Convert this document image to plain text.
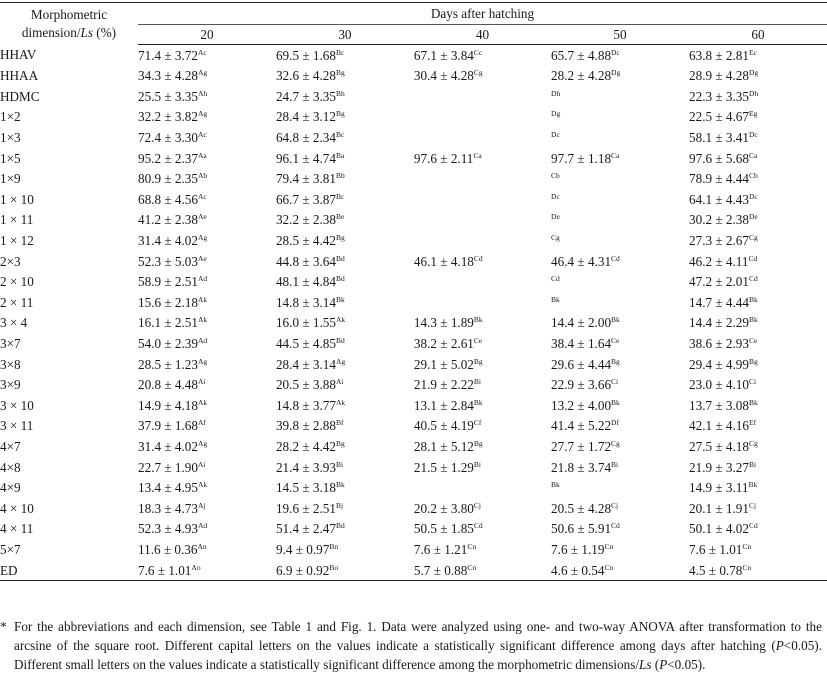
Morphometric
dimension/Ls (%)	Days after hatching				
	20	30	40	50	60
HHAV	$71.4 \pm 3.72^{Ac}$	$69.5 \pm 1.68^{Bc}$	$67.1 \pm 3.84^{Cc}$	$65.7 \pm 4.88^{Dc}$	$63.8 \pm 2.81^{Ec}$
HHAA	$34.3 \pm 4.28^{Ag}$	$32.6 \pm 4.28^{Bg}$	$30.4 \pm 4.28^{Cg}$	$28.2 \pm 4.28^{Dg}$	$28.9 \pm 4.28^{Dg}$
HDMC	$25.5 \pm 3.35^{Ah}$	$24.7 \pm 3.35^{Bh}$		$^{Dh}$	$22.3 \pm 3.35^{Dh}$
1×2	$32.2 \pm 3.82^{Ag}$	$28.4 \pm 3.12^{Bg}$		$^{Dg}$	$22.5 \pm 4.67^{Eg}$
1×3	$72.4 \pm 3.30^{Ac}$	$64.8 \pm 2.34^{Bc}$		$^{Dc}$	$58.1 \pm 3.41^{Dc}$
1×5	$95.2 \pm 2.37^{Aa}$	$96.1 \pm 4.74^{Ba}$	$97.6 \pm 2.11^{Ca}$	$97.7 \pm 1.18^{Ca}$	$97.6 \pm 5.68^{Ca}$
1×9	$80.9 \pm 2.35^{Ab}$	$79.4 \pm 3.81^{Bb}$		$^{Cb}$	$78.9 \pm 4.44^{Cb}$
1 × 10	$68.8 \pm 4.56^{Ac}$	$66.7 \pm 3.87^{Bc}$		$^{Dc}$	$64.1 \pm 4.43^{Dc}$
1 × 11	$41.2 \pm 2.38^{Ae}$	$32.2 \pm 2.38^{Be}$		$^{De}$	30.2 ± 2.38De
1 × 12	$31.4 \pm 4.02^{Ag}$	$28.5 \pm 4.42^{Bg}$		$^{Cg}$	$27.3 \pm 2.67^{Cg}$
2×3	$52.3 \pm 5.03^{Ae}$	$44.8 \pm 3.64^{Bd}$	$46.1 \pm 4.18^{Cd}$	$46.4 \pm 4.31^{Cd}$	$46.2 \pm 4.11^{Cd}$
2 × 10	$58.9 \pm 2.51^{Ad}$	$48.1 \pm 4.84^{Bd}$		$^{Cd}$	$47.2 \pm 2.01^{Cd}$
2 × 11	$15.6 \pm 2.18^{Ak}$	$14.8 \pm 3.14^{Bk}$		$^{Bk}$	$14.7 \pm 4.44^{Bk}$
3 × 4	$16.1 \pm 2.51^{Ak}$	$16.0 \pm 1.55^{Ak}$	$14.3 \pm 1.89^{Bk}$	$14.4 \pm 2.00^{Bk}$	$14.4 \pm 2.29^{Bk}$
3×7	$54.0 \pm 2.39^{Ad}$	$44.5 \pm 4.85^{Bd}$	$38.2 \pm 2.61^{Ce}$	$38.4 \pm 1.64^{Ce}$	$38.6 \pm 2.93^{Ce}$
3×8	$28.5 \pm 1.23^{Ag}$	$28.4 \pm 3.14^{Ag}$	$29.1 \pm 5.02^{Bg}$	$29.6 \pm 4.44^{Bg}$	$29.4 \pm 4.99^{Bg}$
3×9	$20.8 \pm 4.48^{Ai}$	$20.5 \pm 3.88^{Ai}$	$21.9 \pm 2.22^{Bi}$	$22.9 \pm 3.66^{Ci}$	$23.0 \pm 4.10^{Ci}$
3 × 10	$14.9 \pm 4.18^{Ak}$	$14.8 \pm 3.77^{Ak}$	$13.1 \pm 2.84^{Bk}$	$13.2 \pm 4.00^{Bk}$	$13.7 \pm 3.08^{Bk}$
3 × 11	$37.9 \pm 1.68^{Af}$	$39.8 \pm 2.88^{Bf}$	$40.5 \pm 4.19^{Cf}$	$41.4 \pm 5.22^{Df}$	$42.1 \pm 4.16^{Ef}$
4×7	$31.4 \pm 4.02^{Ag}$	$28.2 \pm 4.42^{Bg}$	$28.1 \pm 5.12^{Bg}$	$27.7 \pm 1.72^{Cg}$	$27.5 \pm 4.18^{Cg}$
4×8	$22.7 \pm 1.90^{Ai}$	$21.4 \pm 3.93^{Bi}$	$21.5 \pm 1.29^{Bi}$	$21.8 \pm 3.74^{Bi}$	$21.9 \pm 3.27^{Bi}$
4×9	$13.4 \pm 4.95^{Ak}$	$14.5 \pm 3.18^{Bk}$		$^{Bk}$	$14.9 \pm 3.11^{Bk}$
4 × 10	$18.3 \pm 4.73^{Aj}$	$19.6 \pm 2.51^{Bj}$	$20.2 \pm 3.80^{Cj}$	$20.5 \pm 4.28^{Cj}$	$20.1 \pm 1.91^{Cj}$
4 × 11	$52.3 \pm 4.93^{Ad}$	$51.4 \pm 2.47^{Bd}$	$50.5 \pm 1.85^{Cd}$	$50.6 \pm 5.91^{Cd}$	$50.1 \pm 4.02^{Cd}$
5×7	$11.6 \pm 0.36^{An}$	$9.4 \pm 0.97^{Bn}$	$7.6 \pm 1.21^{Cn}$	$7.6 \pm 1.19^{Cn}$	$7.6 \pm 1.01^{Cn}$
ED	$7.6 \pm 1.01^{Ao}$	$6.9 \pm 0.92^{Bo}$	$5.7 \pm 0.88^{Cn}$	$4.6 \pm 0.54^{Cn}$	$4.5 \pm 0.78^{Cn}$

* For the abbreviations and each dimension, see Table 1 and Fig. 1. Data were analyzed using one- and two-way ANOVA after transformation to the arcsine of the square root. Different capital letters on the values indicate a statistically significant difference among days after hatching (P<0.05). Different small letters on the values indicate a statistically significant difference among the morphometric dimensions/Ls (P<0.05).
